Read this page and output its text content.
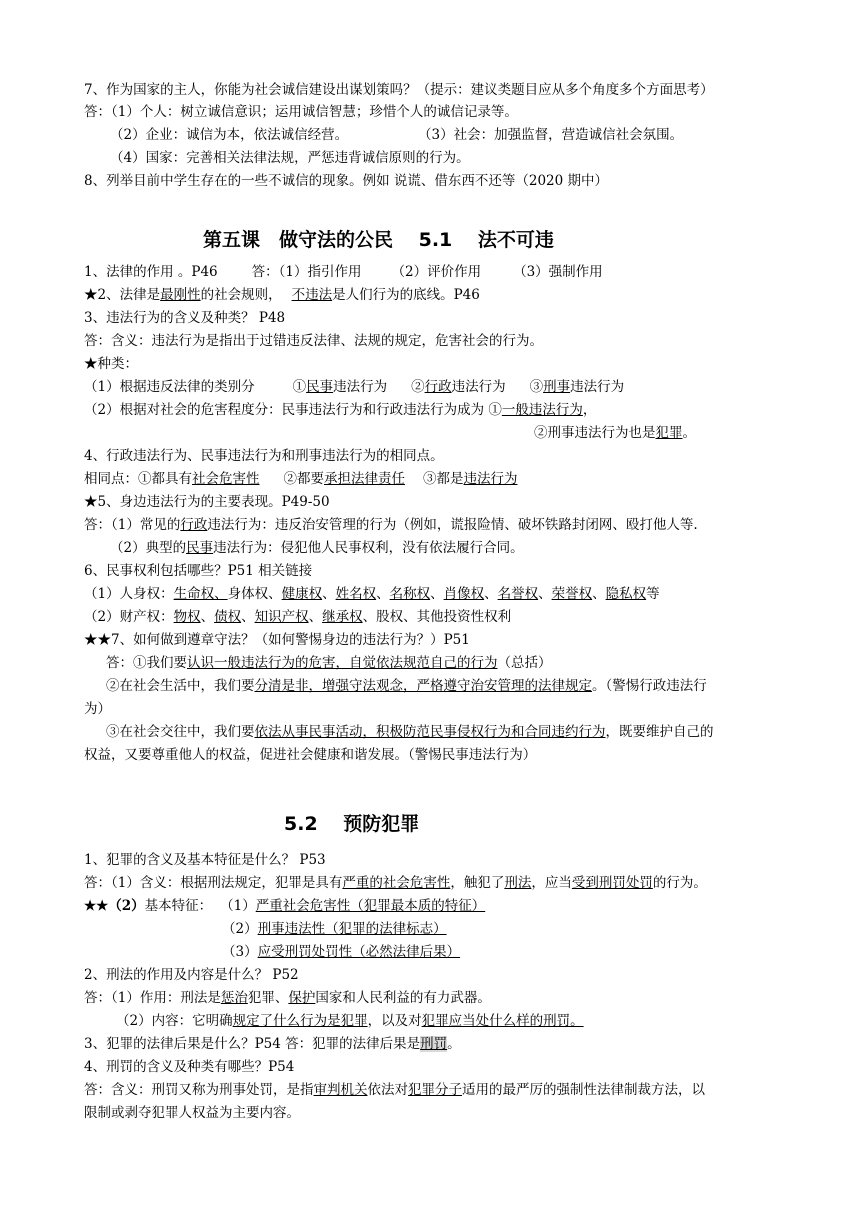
7、作为国家的主人，你能为社会诚信建设出谋划策吗？（提示：建议类题目应从多个角度多个方面思考）
答：（1）个人：树立诚信意识；运用诚信智慧；珍惜个人的诚信记录等。
（2）企业：诚信为本，依法诚信经营。	（3）社会：加强监督，营造诚信社会氛围。
（4）国家：完善相关法律法规，严惩违背诚信原则的行为。
8、列举目前中学生存在的一些不诚信的现象。例如 说谎、借东西不还等（2020 期中）
第五课　做守法的公民　 5.1　 法不可违
1、法律的作用 。P46	答：（1）指引作用 （2）评价作用 （3）强制作用
★2、法律是最刚性的社会规则， 不违法是人们行为的底线。P46
3、违法行为的含义及种类？ P48
答：含义：违法行为是指出于过错违反法律、法规的规定，危害社会的行为。
★种类：
（1）根据违反法律的类别分	①民事违法行为 ②行政违法行为 ③刑事违法行为
（2）根据对社会的危害程度分：民事违法行为和行政违法行为成为 ①一般违法行为，
②刑事违法行为也是犯罪。
4、行政违法行为、民事违法行为和刑事违法行为的相同点。
相同点：①都具有社会危害性 ②都要承担法律责任 ③都是违法行为
★5、身边违法行为的主要表现。P49-50
答：（1）常见的行政违法行为：违反治安管理的行为（例如，谎报险情、破坏铁路封闭网、殴打他人等.
（2）典型的民事违法行为：侵犯他人民事权利，没有依法履行合同。
6、民事权利包括哪些？P51 相关链接
（1）人身权：生命权、身体权、健康权、姓名权、名称权、肖像权、名誉权、荣誉权、隐私权等
（2）财产权：物权、债权、知识产权、继承权、股权、其他投资性权利
★★7、如何做到遵章守法？（如何警惕身边的违法行为？）P51
答：①我们要认识一般违法行为的危害，自觉依法规范自己的行为（总括）
②在社会生活中，我们要分清是非，增强守法观念，严格遵守治安管理的法律规定。（警惕行政违法行
为）
③在社会交往中，我们要依法从事民事活动，积极防范民事侵权行为和合同违约行为，既要维护自己的
权益，又要尊重他人的权益，促进社会健康和谐发展。（警惕民事违法行为）
5.2　 预防犯罪
1、犯罪的含义及基本特征是什么？ P53
答：（1）含义：根据刑法规定，犯罪是具有严重的社会危害性，触犯了刑法，应当受到刑罚处罚的行为。
★★（2）基本特征： （1）严重社会危害性（犯罪最本质的特征）
（2）刑事违法性（犯罪的法律标志）
（3）应受刑罚处罚性（必然法律后果）
2、刑法的作用及内容是什么？ P52
答：（1）作用：刑法是惩治犯罪、保护国家和人民利益的有力武器。
（2）内容：它明确规定了什么行为是犯罪，以及对犯罪应当处什么样的刑罚。
3、犯罪的法律后果是什么？P54 答：犯罪的法律后果是刑罚。
4、刑罚的含义及种类有哪些？P54
答：含义：刑罚又称为刑事处罚，是指审判机关依法对犯罪分子适用的最严厉的强制性法律制裁方法，以
限制或剥夺犯罪人权益为主要内容。
